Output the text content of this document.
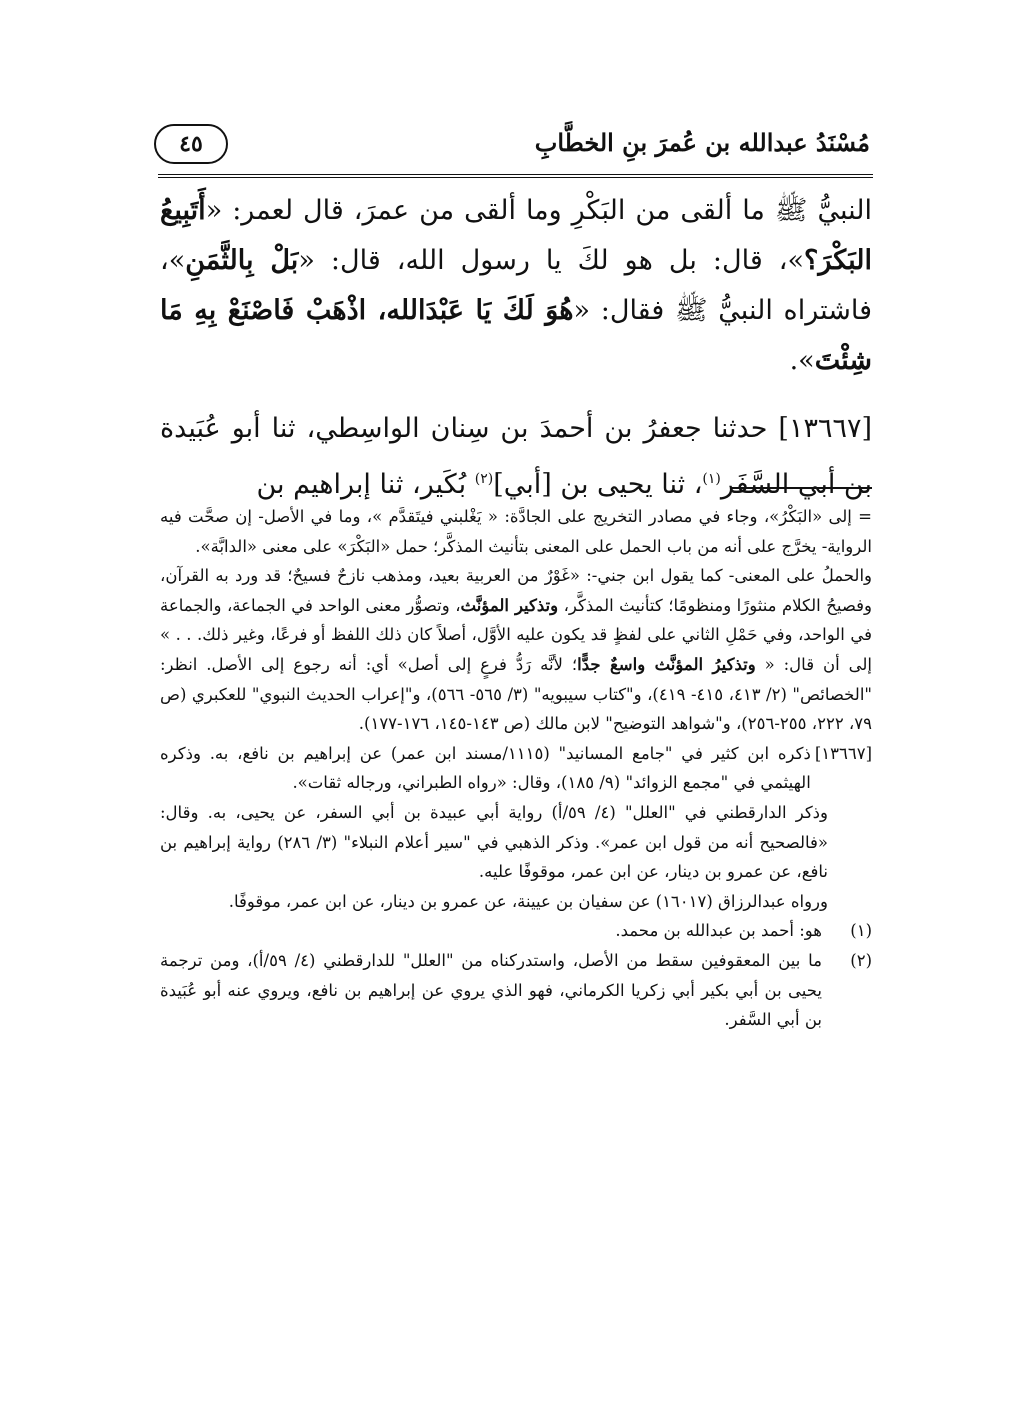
مُسْنَدُ عبدالله بن عُمرَ بنِ الخطَّابِ
٤٥

النبيُّ ﷺ ما ألقى من البَكْرِ وما ألقى من عمرَ، قال لعمر: «أَتَبِيعُ البَكْرَ؟»، قال: بل هو لكَ يا رسول الله، قال: «بَلْ بِالثَّمَنِ»، فاشتراه النبيُّ ﷺ فقال: «هُوَ لَكَ يَا عَبْدَالله، اذْهَبْ فَاصْنَعْ بِهِ مَا شِئْتَ».

[١٣٦٦٧] حدثنا جعفرُ بن أحمدَ بن سِنان الواسِطي، ثنا أبو عُبَيدة بن أبي السَّفَر$^{(١)}$، ثنا يحيى بن [أبي]$^{(٢)}$ بُكَير، ثنا إبراهيم بن

= إلى «البَكْرُ»، وجاء في مصادر التخريج على الجادَّة: « يَغْلبني فيتَقدَّم »، وما في الأصل- إن صحَّت فيه الرواية- يخرَّج على أنه من باب الحمل على المعنى بتأنيث المذكَّر؛ حمل «البَكْرَ» على معنى «الدابَّة».

والحملُ على المعنى- كما يقول ابن جني-: «غَوْرٌ من العربية بعيد، ومذهب نازحٌ فسيحٌ؛ قد ورد به القرآن، وفصيحُ الكلام منثورًا ومنظومًا؛ كتأنيث المذكَّر، وتذكير المؤنَّث، وتصوُّر معنى الواحد في الجماعة، والجماعة في الواحد، وفي حَمْلِ الثاني على لفظٍ قد يكون عليه الأوَّل، أصلاً كان ذلك اللفظ أو فرعًا، وغير ذلك. . . » إلى أن قال: « وتذكيرُ المؤنَّث واسعٌ جدًّا؛ لأنَّه رَدُّ فرعٍ إلى أصل» أي: أنه رجوع إلى الأصل. انظر: "الخصائص" (٢/ ٤١٣، ٤١٥- ٤١٩)، و"كتاب سيبويه" (٣/ ٥٦٥- ٥٦٦)، و"إعراب الحديث النبوي" للعكبري (ص ٧٩، ٢٢٢، ٢٥٥-٢٥٦)، و"شواهد التوضيح" لابن مالك (ص ١٤٣-١٤٥، ١٧٦-١٧٧).

[١٣٦٦٧]

ذكره ابن كثير في "جامع المسانيد" (١١١٥/مسند ابن عمر) عن إبراهيم بن نافع، به. وذكره الهيثمي في "مجمع الزوائد" (٩/ ١٨٥)، وقال: «رواه الطبراني، ورجاله ثقات».

وذكر الدارقطني في "العلل" (٤/ ٥٩/أ) رواية أبي عبيدة بن أبي السفر، عن يحيى، به. وقال: «فالصحيح أنه من قول ابن عمر». وذكر الذهبي في "سير أعلام النبلاء" (٣/ ٢٨٦) رواية إبراهيم بن نافع، عن عمرو بن دينار، عن ابن عمر، موقوفًا عليه.

ورواه عبدالرزاق (١٦٠١٧) عن سفيان بن عيينة، عن عمرو بن دينار، عن ابن عمر، موقوفًا.

(١)

هو: أحمد بن عبدالله بن محمد.

(٢)

ما بين المعقوفين سقط من الأصل، واستدركناه من "العلل" للدارقطني (٤/ ٥٩/أ)، ومن ترجمة يحيى بن أبي بكير أبي زكريا الكرماني، فهو الذي يروي عن إبراهيم بن نافع، ويروي عنه أبو عُبَيدة بن أبي السَّفر.
